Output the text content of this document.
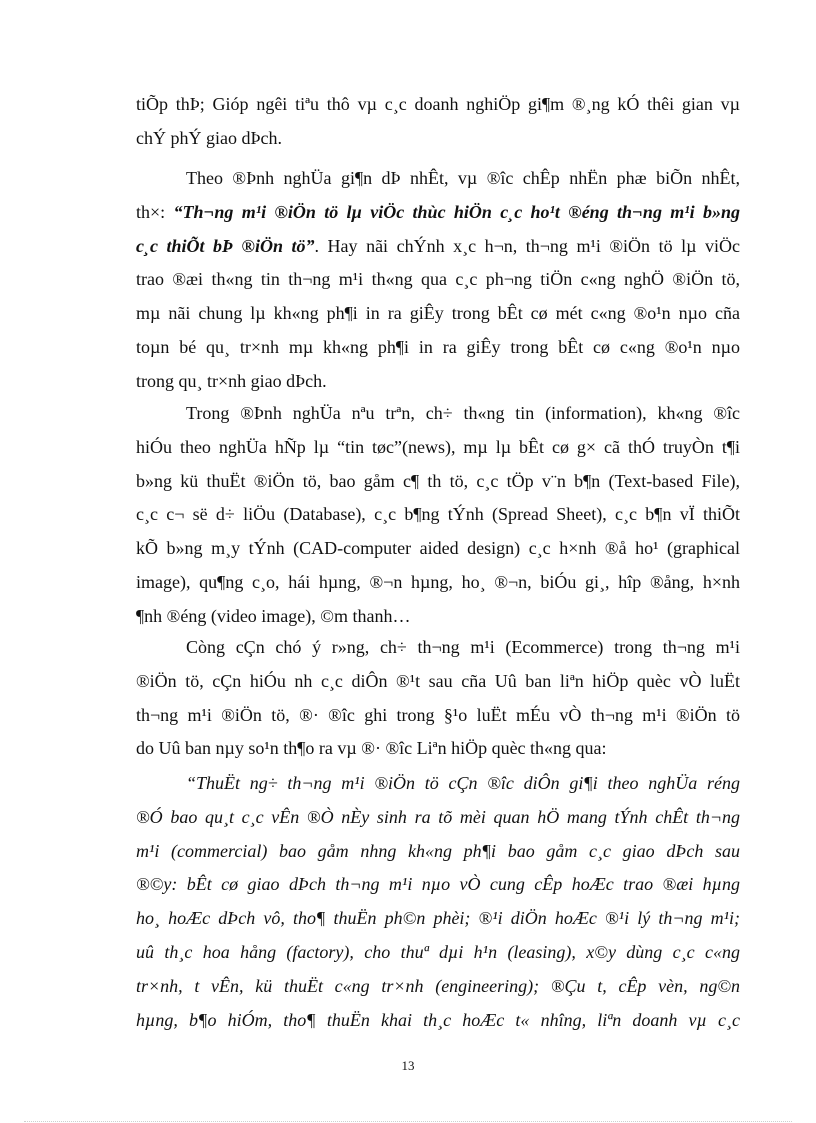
tiÕp thÞ; Gióp ngêi tiªu thô vµ c¸c doanh nghiÖp gi¶m ®¸ng kÓ thêi gian vµ
chÝ phÝ giao dÞch.
Theo ®Þnh nghÜa gi¶n dÞ nhÊt, vµ ®îc chÊp nhËn phæ biÕn nhÊt,
th×: “Th¬ng m¹i ®iÖn tö lµ viÖc thùc hiÖn c¸c ho¹t ®éng th¬ng m¹i b»ng
c¸c thiÕt bÞ ®iÖn tö”. Hay nãi chÝnh x¸c h¬n, th¬ng m¹i ®iÖn tö lµ viÖc
trao ®æi th«ng tin th¬ng m¹i th«ng qua c¸c ph¬ng tiÖn c«ng nghÖ ®iÖn tö,
mµ nãi chung lµ kh«ng ph¶i in ra giÊy trong bÊt cø mét c«ng ®o¹n nµo cña
toµn bé qu¸ tr×nh mµ kh«ng ph¶i in ra giÊy trong bÊt cø c«ng ®o¹n nµo
trong qu¸ tr×nh giao dÞch.
Trong ®Þnh nghÜa nªu trªn, ch÷ th«ng tin (information), kh«ng ®îc
hiÓu theo nghÜa hÑp lµ “tin tøc”(news), mµ lµ bÊt cø g× cã thÓ truyÒn t¶i
b»ng kü thuËt ®iÖn tö, bao gåm c¶ th tö, c¸c tÖp v¨n b¶n (Text-based File),
c¸c c¬ së d÷ liÖu (Database), c¸c b¶ng tÝnh (Spread Sheet), c¸c b¶n vÏ thiÕt
kÕ b»ng m¸y tÝnh (CAD-computer aided design) c¸c h×nh ®å ho¹ (graphical
image), qu¶ng c¸o, hái hµng, ®¬n hµng, ho¸ ®¬n, biÓu gi¸, hîp ®ång, h×nh
¶nh ®éng (video image), ©m thanh…
Còng cÇn chó ý r»ng, ch÷ th¬ng m¹i (Ecommerce) trong th¬ng m¹i
®iÖn tö, cÇn hiÓu nh c¸c diÔn ®¹t sau cña Uû ban liªn hiÖp quèc vÒ luËt
th¬ng m¹i ®iÖn tö, ®· ®îc ghi trong §¹o luËt mÉu vÒ th¬ng m¹i ®iÖn tö
do Uû ban nµy so¹n th¶o ra vµ ®· ®îc Liªn hiÖp quèc th«ng qua:
“ThuËt ng÷ th¬ng m¹i ®iÖn tö cÇn ®îc diÔn gi¶i theo nghÜa réng
®Ó bao qu¸t c¸c vÊn ®Ò nÈy sinh ra tõ mèi quan hÖ mang tÝnh chÊt th¬ng
m¹i (commercial) bao gåm nhng kh«ng ph¶i bao gåm c¸c giao dÞch sau
®©y: bÊt cø giao dÞch th¬ng m¹i nµo vÒ cung cÊp hoÆc trao ®æi hµng
ho¸ hoÆc dÞch vô, tho¶ thuËn ph©n phèi; ®¹i diÖn hoÆc ®¹i lý th¬ng m¹i;
uû th¸c hoa hång (factory), cho thuª dµi h¹n (leasing), x©y dùng c¸c c«ng
tr×nh, t vÊn, kü thuËt c«ng tr×nh (engineering); ®Çu t, cÊp vèn, ng©n
hµng, b¶o hiÓm, tho¶ thuËn khai th¸c hoÆc t« nhîng, liªn doanh vµ c¸c
13
